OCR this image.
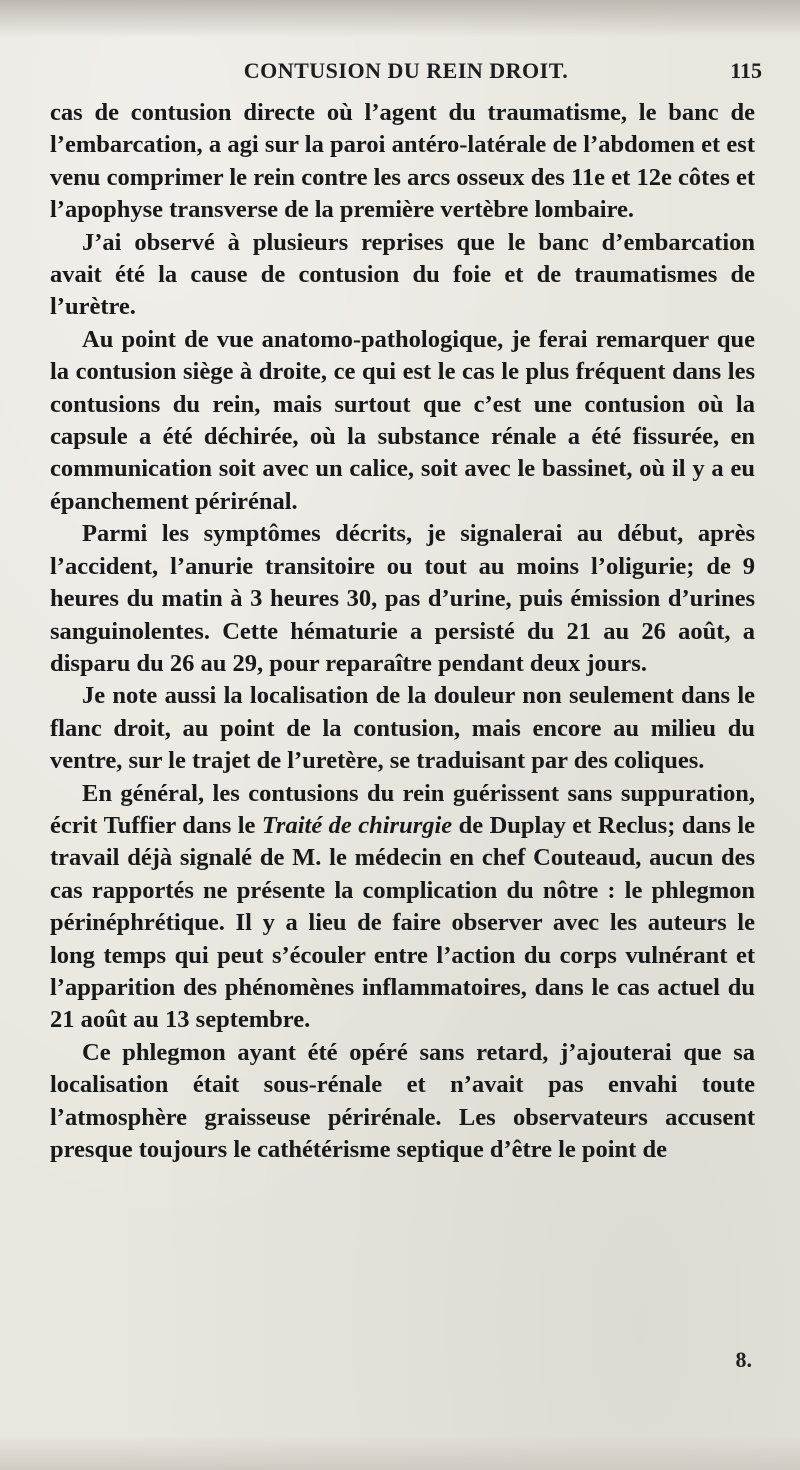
CONTUSION DU REIN DROIT.	115

cas de contusion directe où l’agent du traumatisme, le banc de l’embarcation, a agi sur la paroi antéro-latérale de l’abdomen et est venu comprimer le rein contre les arcs osseux des 11e et 12e côtes et l’apophyse transverse de la première vertèbre lombaire.

J’ai observé à plusieurs reprises que le banc d’embarcation avait été la cause de contusion du foie et de traumatismes de l’urètre.

Au point de vue anatomo-pathologique, je ferai remarquer que la contusion siège à droite, ce qui est le cas le plus fréquent dans les contusions du rein, mais surtout que c’est une contusion où la capsule a été déchirée, où la substance rénale a été fissurée, en communication soit avec un calice, soit avec le bassinet, où il y a eu épanchement périrénal.

Parmi les symptômes décrits, je signalerai au début, après l’accident, l’anurie transitoire ou tout au moins l’oligurie; de 9 heures du matin à 3 heures 30, pas d’urine, puis émission d’urines sanguinolentes. Cette hématurie a persisté du 21 au 26 août, a disparu du 26 au 29, pour reparaître pendant deux jours.

Je note aussi la localisation de la douleur non seulement dans le flanc droit, au point de la contusion, mais encore au milieu du ventre, sur le trajet de l’uretère, se traduisant par des coliques.

En général, les contusions du rein guérissent sans suppuration, écrit Tuffier dans le Traité de chirurgie de Duplay et Reclus; dans le travail déjà signalé de M. le médecin en chef Couteaud, aucun des cas rapportés ne présente la complication du nôtre : le phlegmon périnéphrétique. Il y a lieu de faire observer avec les auteurs le long temps qui peut s’écouler entre l’action du corps vulnérant et l’apparition des phénomènes inflammatoires, dans le cas actuel du 21 août au 13 septembre.

Ce phlegmon ayant été opéré sans retard, j’ajouterai que sa localisation était sous-rénale et n’avait pas envahi toute l’atmosphère graisseuse périrénale. Les observateurs accusent presque toujours le cathétérisme septique d’être le point de

8.
